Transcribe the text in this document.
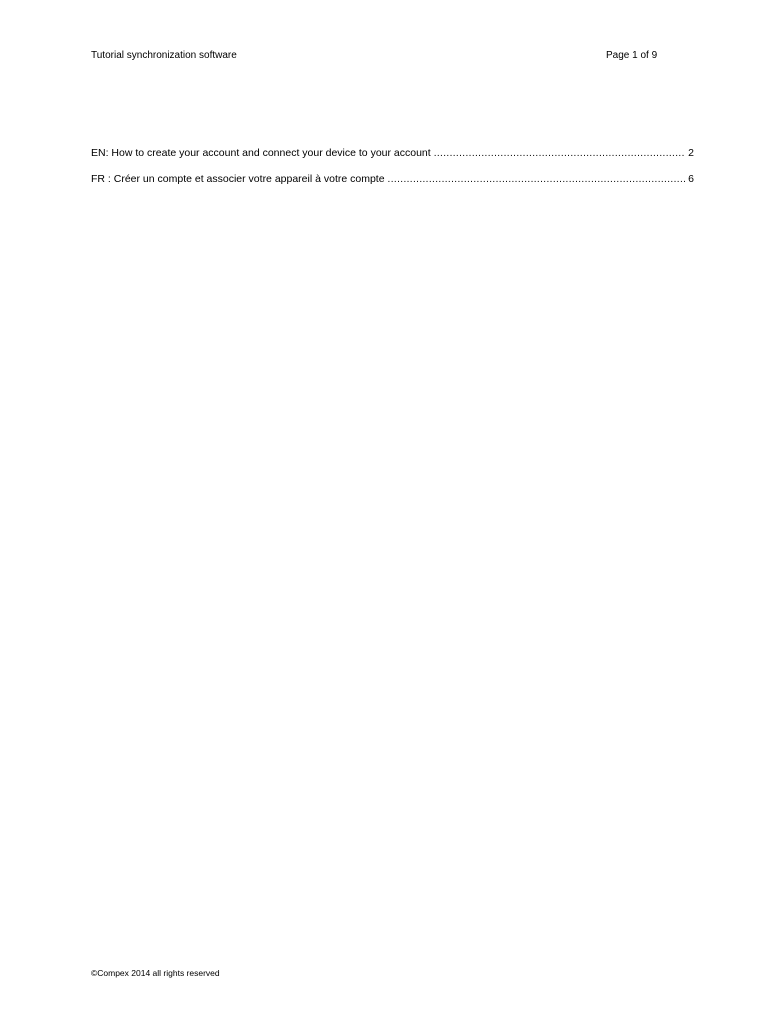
Tutorial synchronization software	Page 1 of 9
EN: How to create your account and connect your device to your account .....	2
FR : Créer un compte et associer votre appareil à votre compte .....	6
©Compex 2014 all rights reserved
